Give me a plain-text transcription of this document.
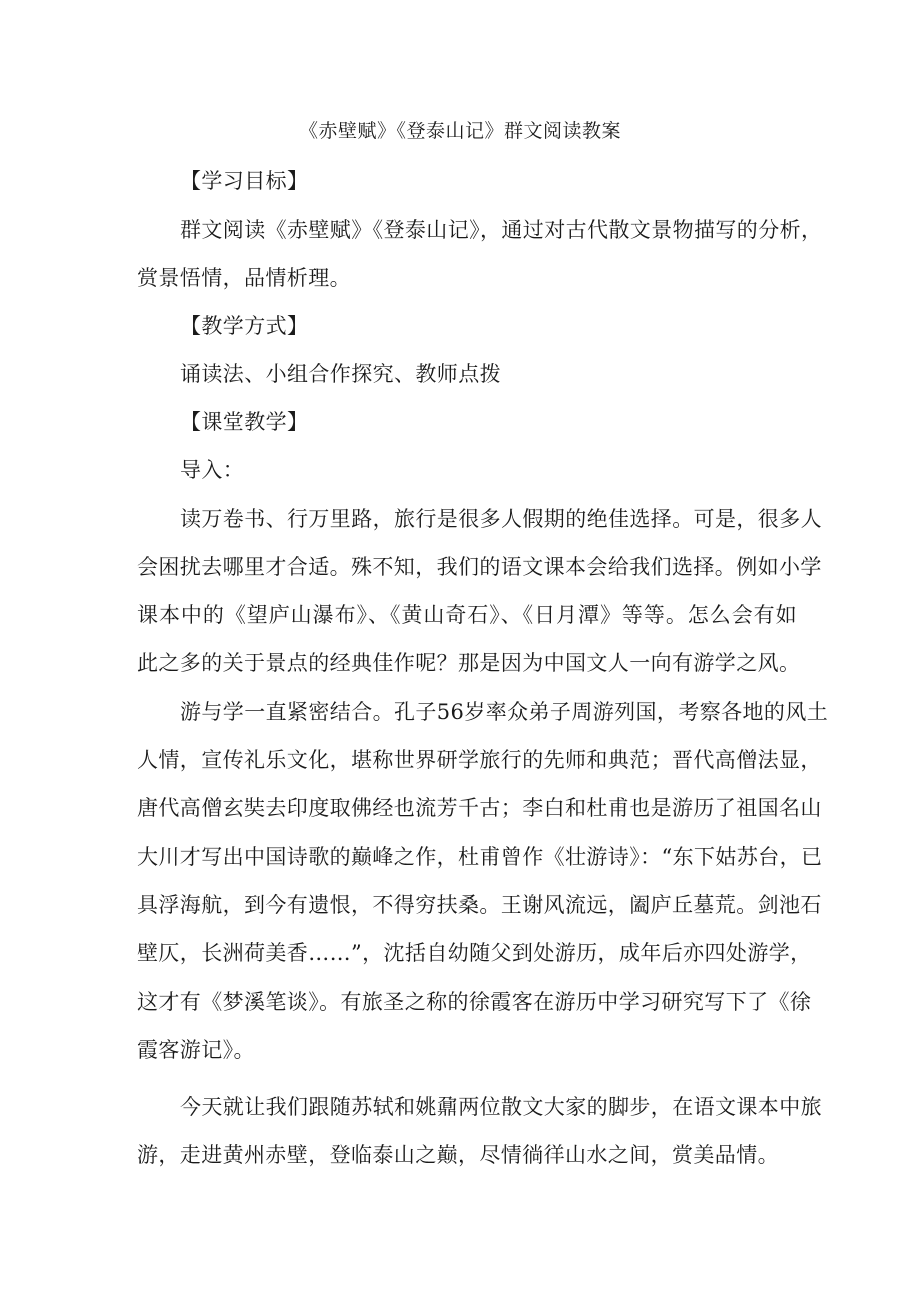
《赤壁赋》《登泰山记》群文阅读教案
【学习目标】
群文阅读《赤壁赋》《登泰山记》，通过对古代散文景物描写的分析，
赏景悟情，品情析理。
【教学方式】
诵读法、小组合作探究、教师点拨
【课堂教学】
导入：
读万卷书、行万里路，旅行是很多人假期的绝佳选择。可是，很多人
会困扰去哪里才合适。殊不知，我们的语文课本会给我们选择。例如小学
课本中的《望庐山瀑布》、《黄山奇石》、《日月潭》等等。怎么会有如
此之多的关于景点的经典佳作呢？那是因为中国文人一向有游学之风。
游与学一直紧密结合。孔子56岁率众弟子周游列国，考察各地的风土
人情，宣传礼乐文化，堪称世界研学旅行的先师和典范；晋代高僧法显，
唐代高僧玄奘去印度取佛经也流芳千古；李白和杜甫也是游历了祖国名山
大川才写出中国诗歌的巅峰之作，杜甫曾作《壮游诗》：“东下姑苏台，已
具浮海航，到今有遗恨，不得穷扶桑。王谢风流远，阖庐丘墓荒。剑池石
壁仄，长洲荷美香……”，沈括自幼随父到处游历，成年后亦四处游学，
这才有《梦溪笔谈》。有旅圣之称的徐霞客在游历中学习研究写下了《徐
霞客游记》。
今天就让我们跟随苏轼和姚鼐两位散文大家的脚步，在语文课本中旅
游，走进黄州赤壁，登临泰山之巅，尽情徜徉山水之间，赏美品情。
